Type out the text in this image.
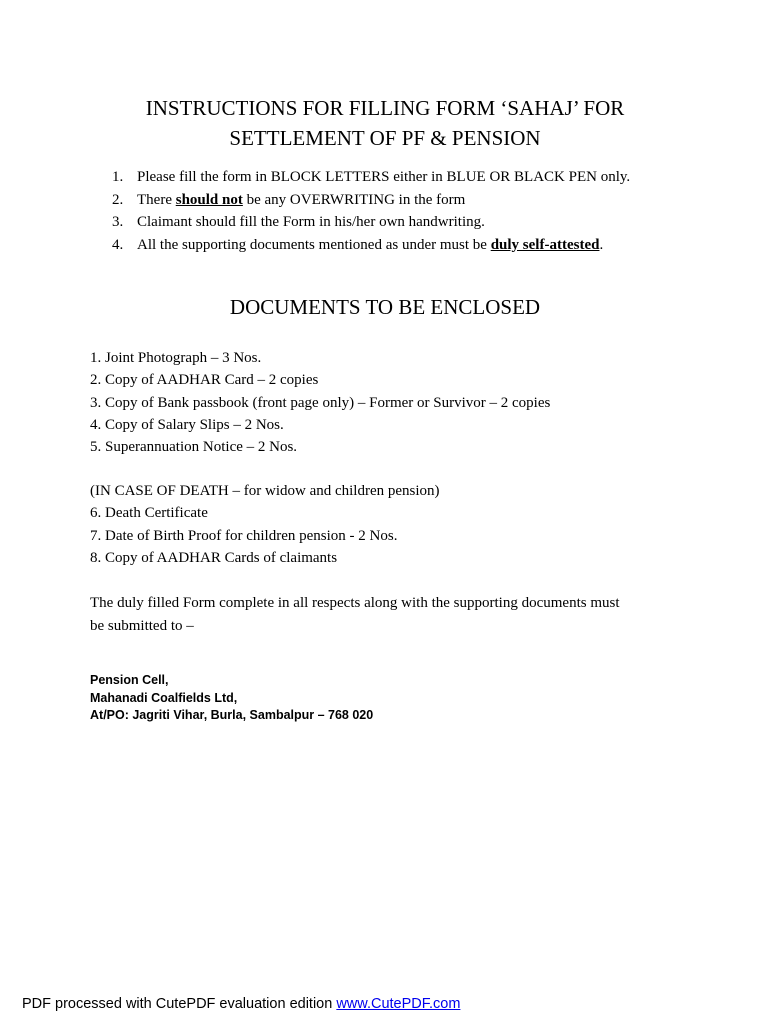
INSTRUCTIONS FOR FILLING FORM ‘SAHAJ’ FOR
SETTLEMENT OF PF & PENSION
1. Please fill the form in BLOCK LETTERS either in BLUE OR BLACK PEN only.
2. There should not be any OVERWRITING in the form
3. Claimant should fill the Form in his/her own handwriting.
4. All the supporting documents mentioned as under must be duly self-attested.
DOCUMENTS TO BE ENCLOSED
1. Joint Photograph – 3 Nos.
2. Copy of AADHAR Card – 2 copies
3. Copy of Bank passbook (front page only) – Former or Survivor – 2 copies
4. Copy of Salary Slips – 2 Nos.
5. Superannuation Notice – 2 Nos.
(IN CASE OF DEATH – for widow and children pension)
6. Death Certificate
7. Date of Birth Proof for children pension - 2 Nos.
8. Copy of AADHAR Cards of claimants

The duly filled Form complete in all respects along with the supporting documents must
be submitted to –

Pension Cell,
Mahanadi Coalfields Ltd,
At/PO: Jagriti Vihar, Burla, Sambalpur – 768 020
PDF processed with CutePDF evaluation edition www.CutePDF.com
